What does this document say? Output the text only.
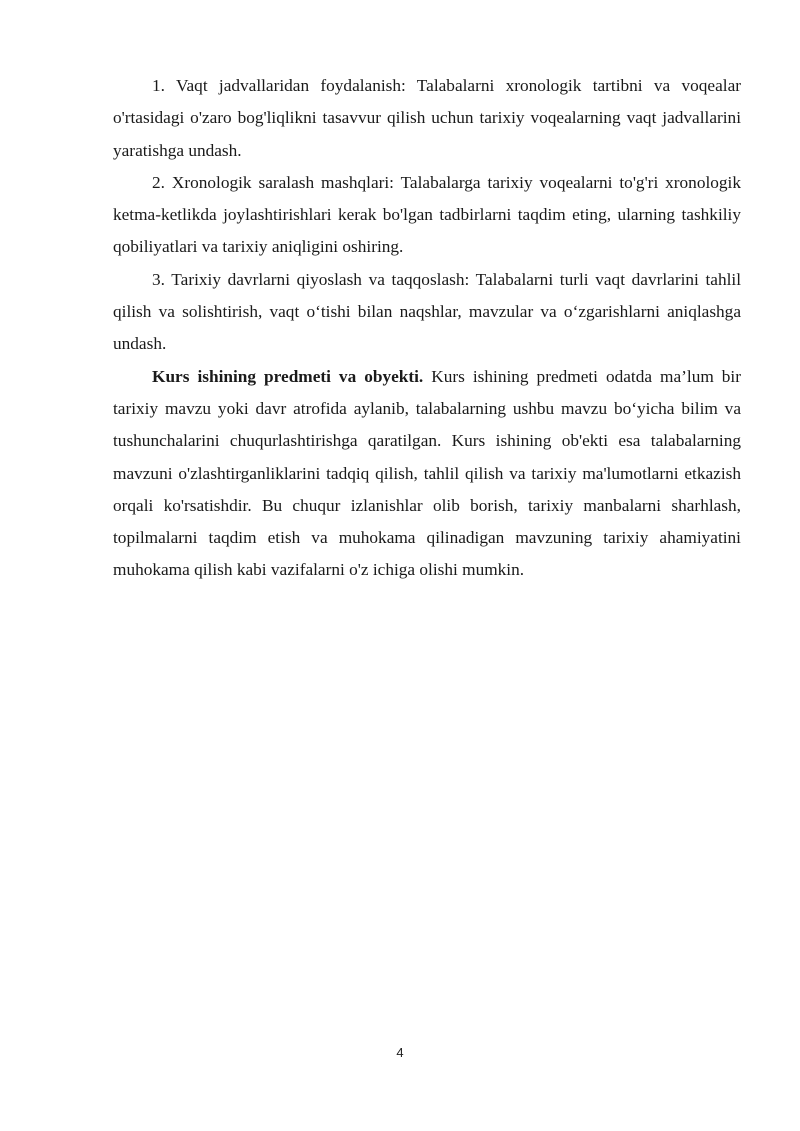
1. Vaqt jadvallaridan foydalanish: Talabalarni xronologik tartibni va voqealar o'rtasidagi o'zaro bog'liqlikni tasavvur qilish uchun tarixiy voqealarning vaqt jadvallarini yaratishga undash.

2. Xronologik saralash mashqlari: Talabalarga tarixiy voqealarni to'g'ri xronologik ketma-ketlikda joylashtirishlari kerak bo'lgan tadbirlarni taqdim eting, ularning tashkiliy qobiliyatlari va tarixiy aniqligini oshiring.

3. Tarixiy davrlarni qiyoslash va taqqoslash: Talabalarni turli vaqt davrlarini tahlil qilish va solishtirish, vaqt o‘tishi bilan naqshlar, mavzular va o‘zgarishlarni aniqlashga undash.

Kurs ishining predmeti va obyekti. Kurs ishining predmeti odatda ma’lum bir tarixiy mavzu yoki davr atrofida aylanib, talabalarning ushbu mavzu bo‘yicha bilim va tushunchalarini chuqurlashtirishga qaratilgan. Kurs ishining ob'ekti esa talabalarning mavzuni o'zlashtirganliklarini tadqiq qilish, tahlil qilish va tarixiy ma'lumotlarni etkazish orqali ko'rsatishdir. Bu chuqur izlanishlar olib borish, tarixiy manbalarni sharhlash, topilmalarni taqdim etish va muhokama qilinadigan mavzuning tarixiy ahamiyatini muhokama qilish kabi vazifalarni o'z ichiga olishi mumkin.

4
